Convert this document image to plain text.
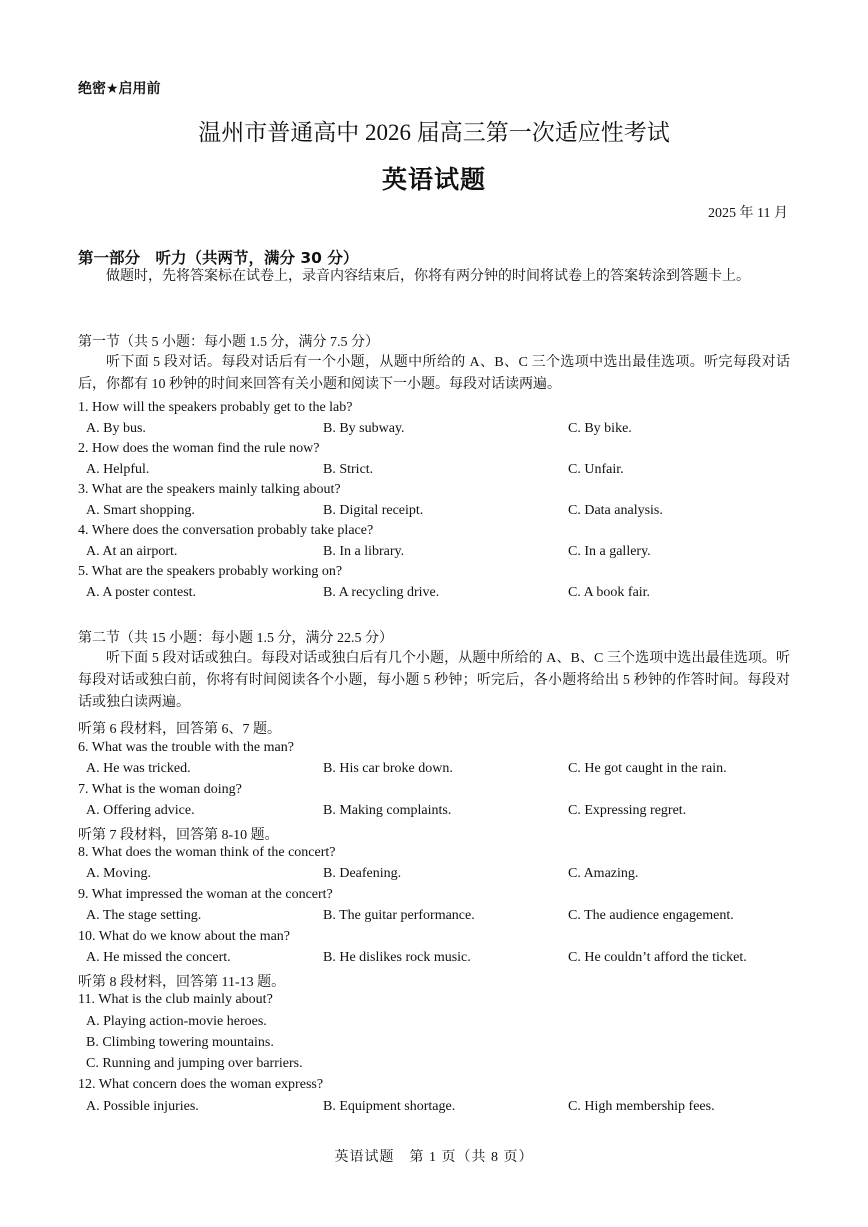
绝密★启用前
温州市普通高中 2026 届高三第一次适应性考试
英语试题
2025 年 11 月
第一部分　听力（共两节，满分 30 分）
做题时，先将答案标在试卷上，录音内容结束后，你将有两分钟的时间将试卷上的答案转涂到答题卡上。
第一节（共 5 小题：每小题 1.5 分，满分 7.5 分）
听下面 5 段对话。每段对话后有一个小题，从题中所给的 A、B、C 三个选项中选出最佳选项。听完每段对话后，你都有 10 秒钟的时间来回答有关小题和阅读下一小题。每段对话读两遍。
1. How will the speakers probably get to the lab?
A. By bus.	B. By subway.	C. By bike.
2. How does the woman find the rule now?
A. Helpful.	B. Strict.	C. Unfair.
3. What are the speakers mainly talking about?
A. Smart shopping.	B. Digital receipt.	C. Data analysis.
4. Where does the conversation probably take place?
A. At an airport.	B. In a library.	C. In a gallery.
5. What are the speakers probably working on?
A. A poster contest.	B. A recycling drive.	C. A book fair.
第二节（共 15 小题：每小题 1.5 分，满分 22.5 分）
听下面 5 段对话或独白。每段对话或独白后有几个小题，从题中所给的 A、B、C 三个选项中选出最佳选项。听每段对话或独白前，你将有时间阅读各个小题，每小题 5 秒钟；听完后，各小题将给出 5 秒钟的作答时间。每段对话或独白读两遍。
听第 6 段材料，回答第 6、7 题。
6. What was the trouble with the man?
A. He was tricked.	B. His car broke down.	C. He got caught in the rain.
7. What is the woman doing?
A. Offering advice.	B. Making complaints.	C. Expressing regret.
听第 7 段材料，回答第 8-10 题。
8. What does the woman think of the concert?
A. Moving.	B. Deafening.	C. Amazing.
9. What impressed the woman at the concert?
A. The stage setting.	B. The guitar performance.	C. The audience engagement.
10. What do we know about the man?
A. He missed the concert.	B. He dislikes rock music.	C. He couldn’t afford the ticket.
听第 8 段材料，回答第 11-13 题。
11. What is the club mainly about?
A. Playing action-movie heroes.
B. Climbing towering mountains.
C. Running and jumping over barriers.
12. What concern does the woman express?
A. Possible injuries.	B. Equipment shortage.	C. High membership fees.
英语试题　第 1 页（共 8 页）
